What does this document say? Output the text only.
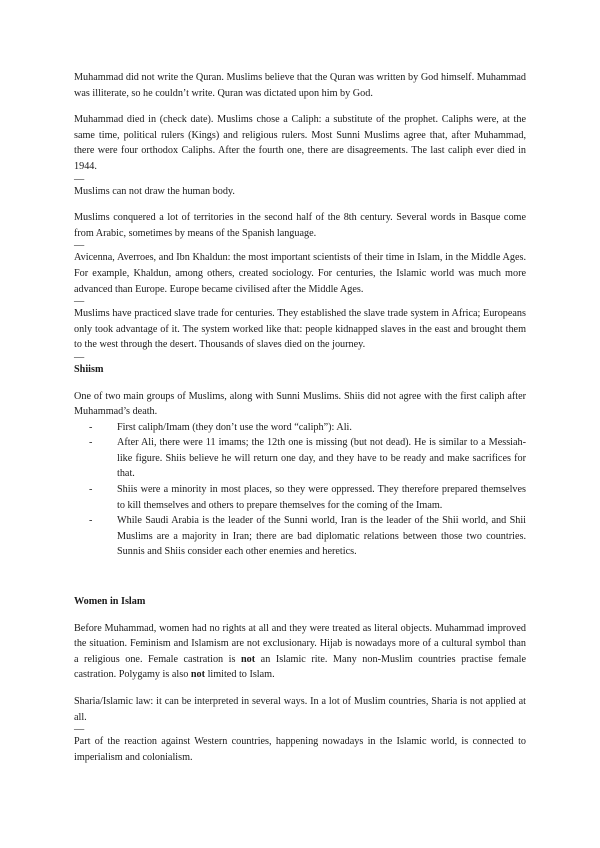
Muhammad did not write the Quran. Muslims believe that the Quran was written by God himself. Muhammad was illiterate, so he couldn’t write. Quran was dictated upon him by God.

Muhammad died in (check date). Muslims chose a Caliph: a substitute of the prophet. Caliphs were, at the same time, political rulers (Kings) and religious rulers. Most Sunni Muslims agree that, after Muhammad, there were four orthodox Caliphs. After the fourth one, there are disagreements. The last caliph ever died in 1944.

—

Muslims can not draw the human body.

Muslims conquered a lot of territories in the second half of the 8th century. Several words in Basque come from Arabic, sometimes by means of the Spanish language.

—

Avicenna, Averroes, and Ibn Khaldun: the most important scientists of their time in Islam, in the Middle Ages. For example, Khaldun, among others, created sociology. For centuries, the Islamic world was much more advanced than Europe. Europe became civilised after the Middle Ages.

—

Muslims have practiced slave trade for centuries. They established the slave trade system in Africa; Europeans only took advantage of it. The system worked like that: people kidnapped slaves in the east and brought them to the west through the desert. Thousands of slaves died on the journey.

—
Shiism

One of two main groups of Muslims, along with Sunni Muslims. Shiis did not agree with the first caliph after Muhammad’s death.

- First caliph/Imam (they don’t use the word “caliph”): Ali.
- After Ali, there were 11 imams; the 12th one is missing (but not dead). He is similar to a Messiah-like figure. Shiis believe he will return one day, and they have to be ready and make sacrifices for that.
- Shiis were a minority in most places, so they were oppressed. They therefore prepared themselves to kill themselves and others to prepare themselves for the coming of the Imam.
- While Saudi Arabia is the leader of the Sunni world, Iran is the leader of the Shii world, and Shii Muslims are a majority in Iran; there are bad diplomatic relations between those two countries. Sunnis and Shiis consider each other enemies and heretics.
Women in Islam

Before Muhammad, women had no rights at all and they were treated as literal objects. Muhammad improved the situation. Feminism and Islamism are not exclusionary. Hijab is nowadays more of a cultural symbol than a religious one. Female castration is not an Islamic rite. Many non-Muslim countries practise female castration. Polygamy is also not limited to Islam.

Sharia/Islamic law: it can be interpreted in several ways. In a lot of Muslim countries, Sharia is not applied at all.

—

Part of the reaction against Western countries, happening nowadays in the Islamic world, is connected to imperialism and colonialism.
